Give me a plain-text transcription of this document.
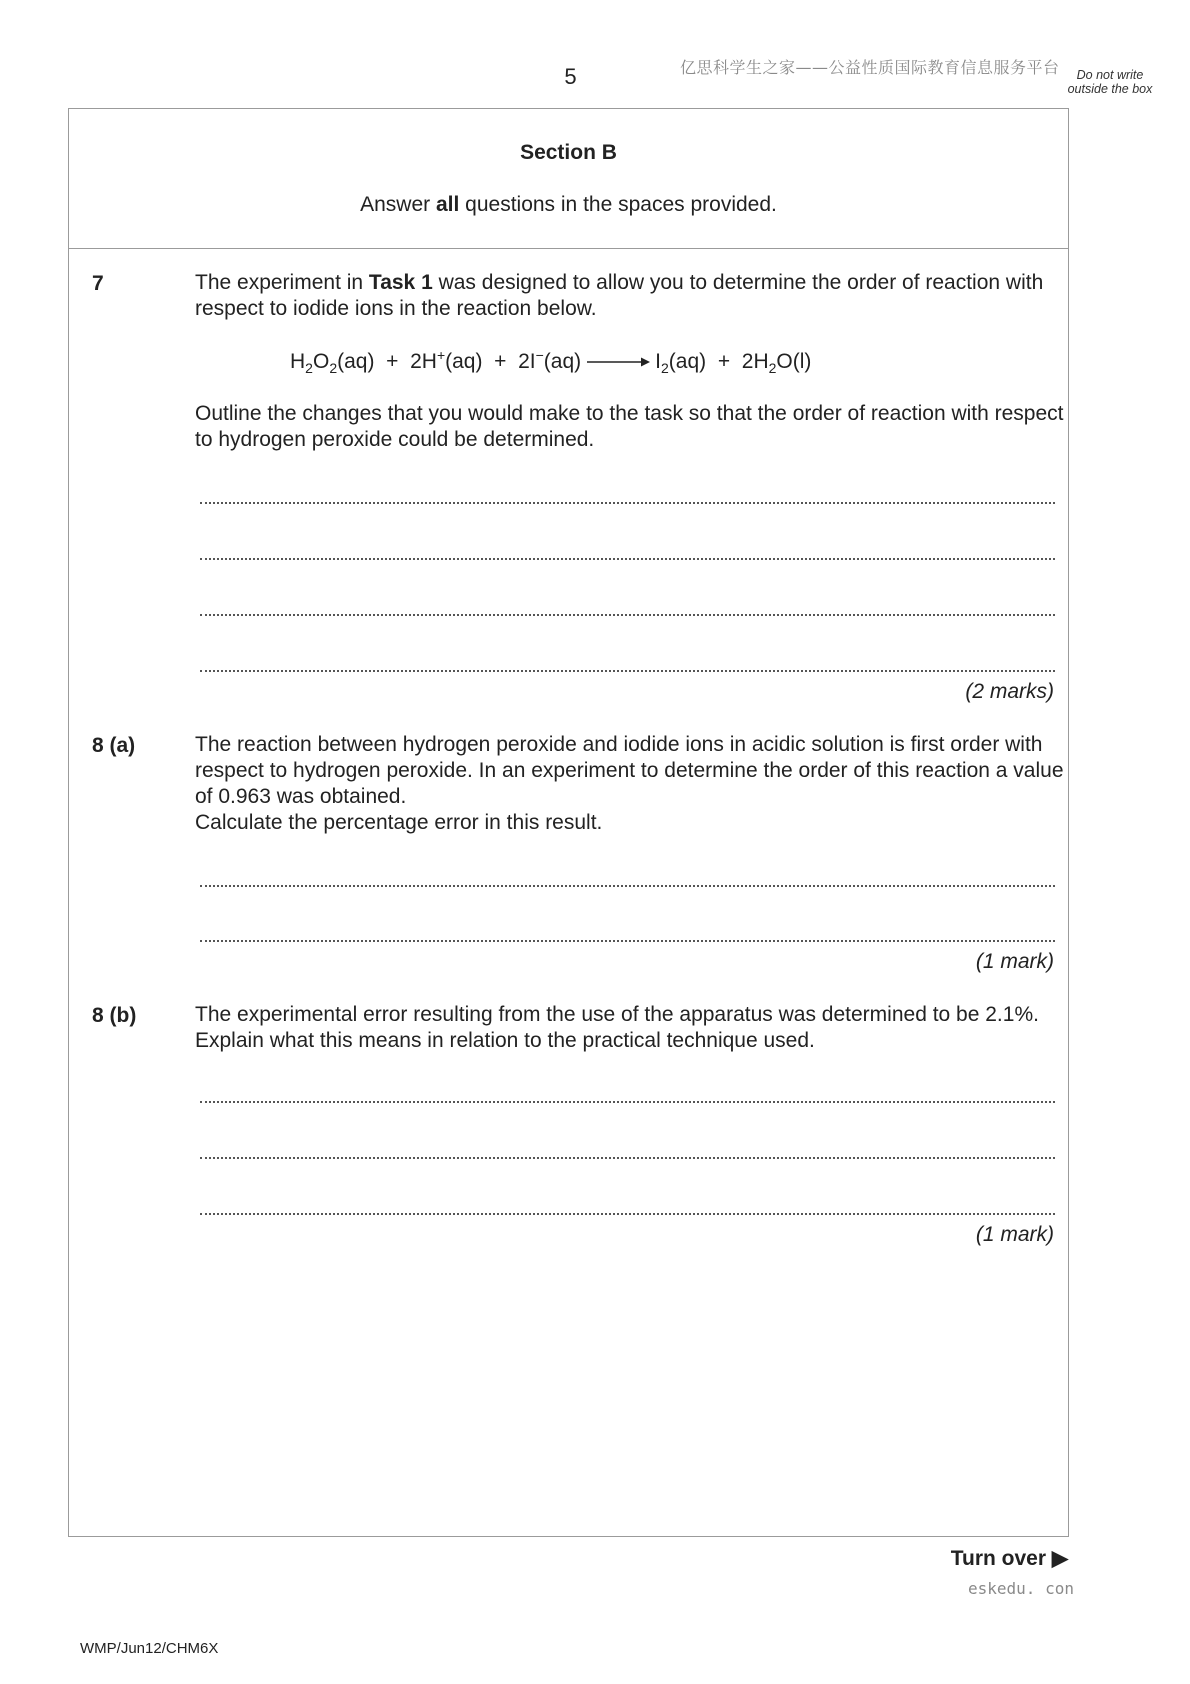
5	亿思科学生之家——公益性质国际教育信息服务平台	Do not write outside the box
Section B
Answer all questions in the spaces provided.
7	The experiment in Task 1 was designed to allow you to determine the order of reaction with respect to iodide ions in the reaction below.
$H_2O_2(aq) + 2H^+(aq) + 2I^-(aq) \to I_2(aq) + 2H_2O(l)$
Outline the changes that you would make to the task so that the order of reaction with respect to hydrogen peroxide could be determined.
(2 marks)
8 (a)	The reaction between hydrogen peroxide and iodide ions in acidic solution is first order with respect to hydrogen peroxide. In an experiment to determine the order of this reaction a value of 0.963 was obtained.
Calculate the percentage error in this result.
(1 mark)
8 (b)	The experimental error resulting from the use of the apparatus was determined to be 2.1%. Explain what this means in relation to the practical technique used.
(1 mark)
Turn over ▶
eskedu. con
WMP/Jun12/CHM6X
